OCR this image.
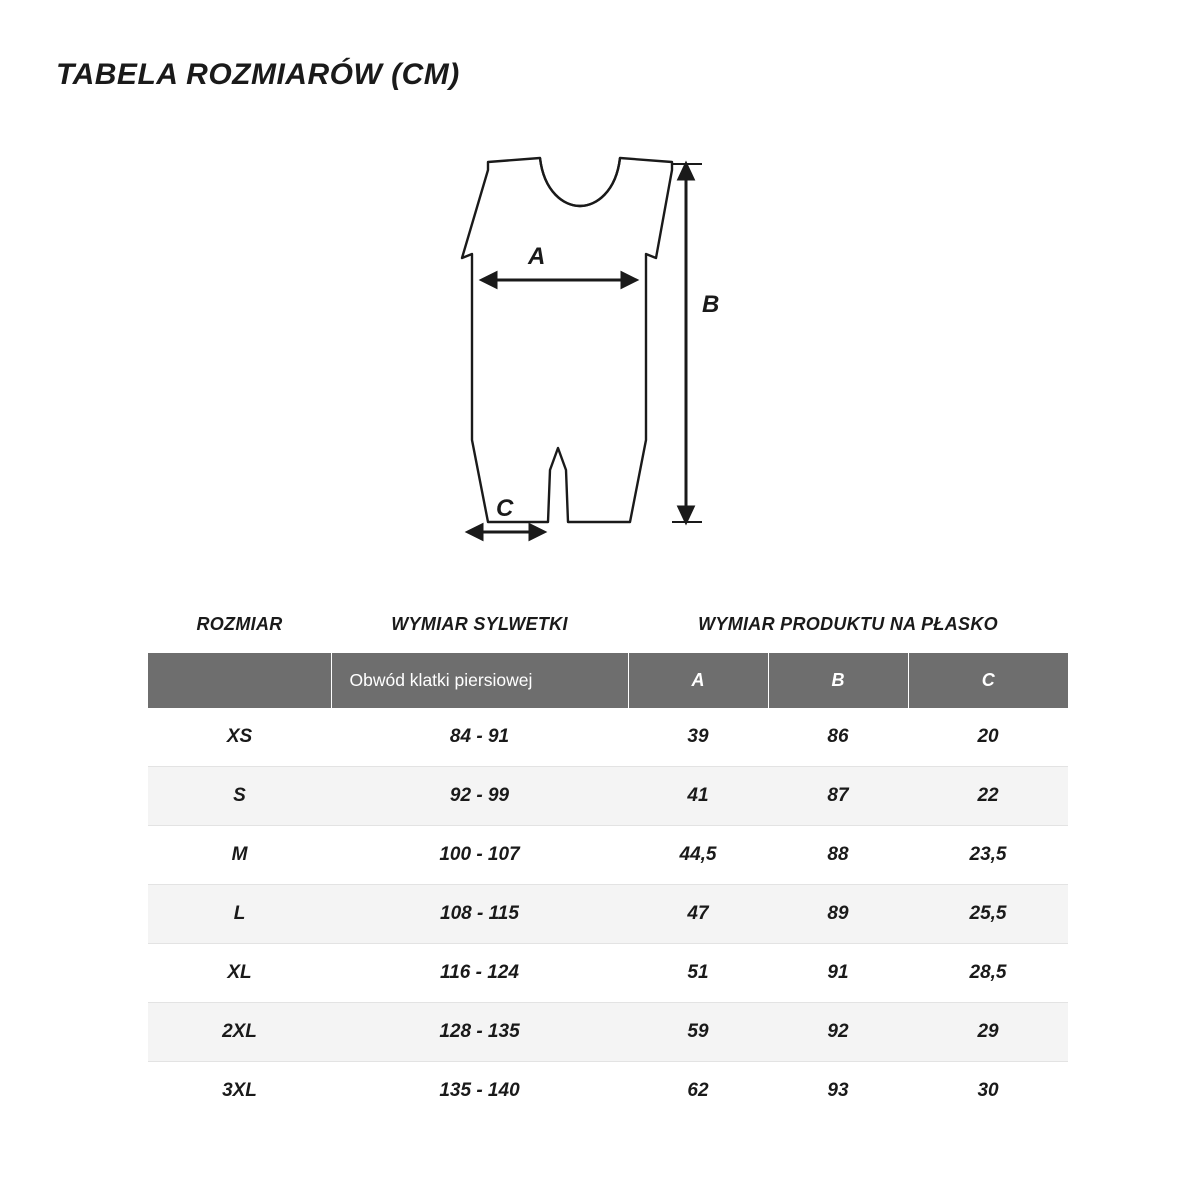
TABELA ROZMIARÓW (CM)
A
B
C
ROZMIAR	WYMIAR SYLWETKI	WYMIAR PRODUKTU NA PŁASKO		
	Obwód klatki piersiowej	A	B	C
XS	84 - 91	39	86	20
S	92 - 99	41	87	22
M	100 - 107	44,5	88	23,5
L	108 - 115	47	89	25,5
XL	116 - 124	51	91	28,5
2XL	128 - 135	59	92	29
3XL	135 - 140	62	93	30
